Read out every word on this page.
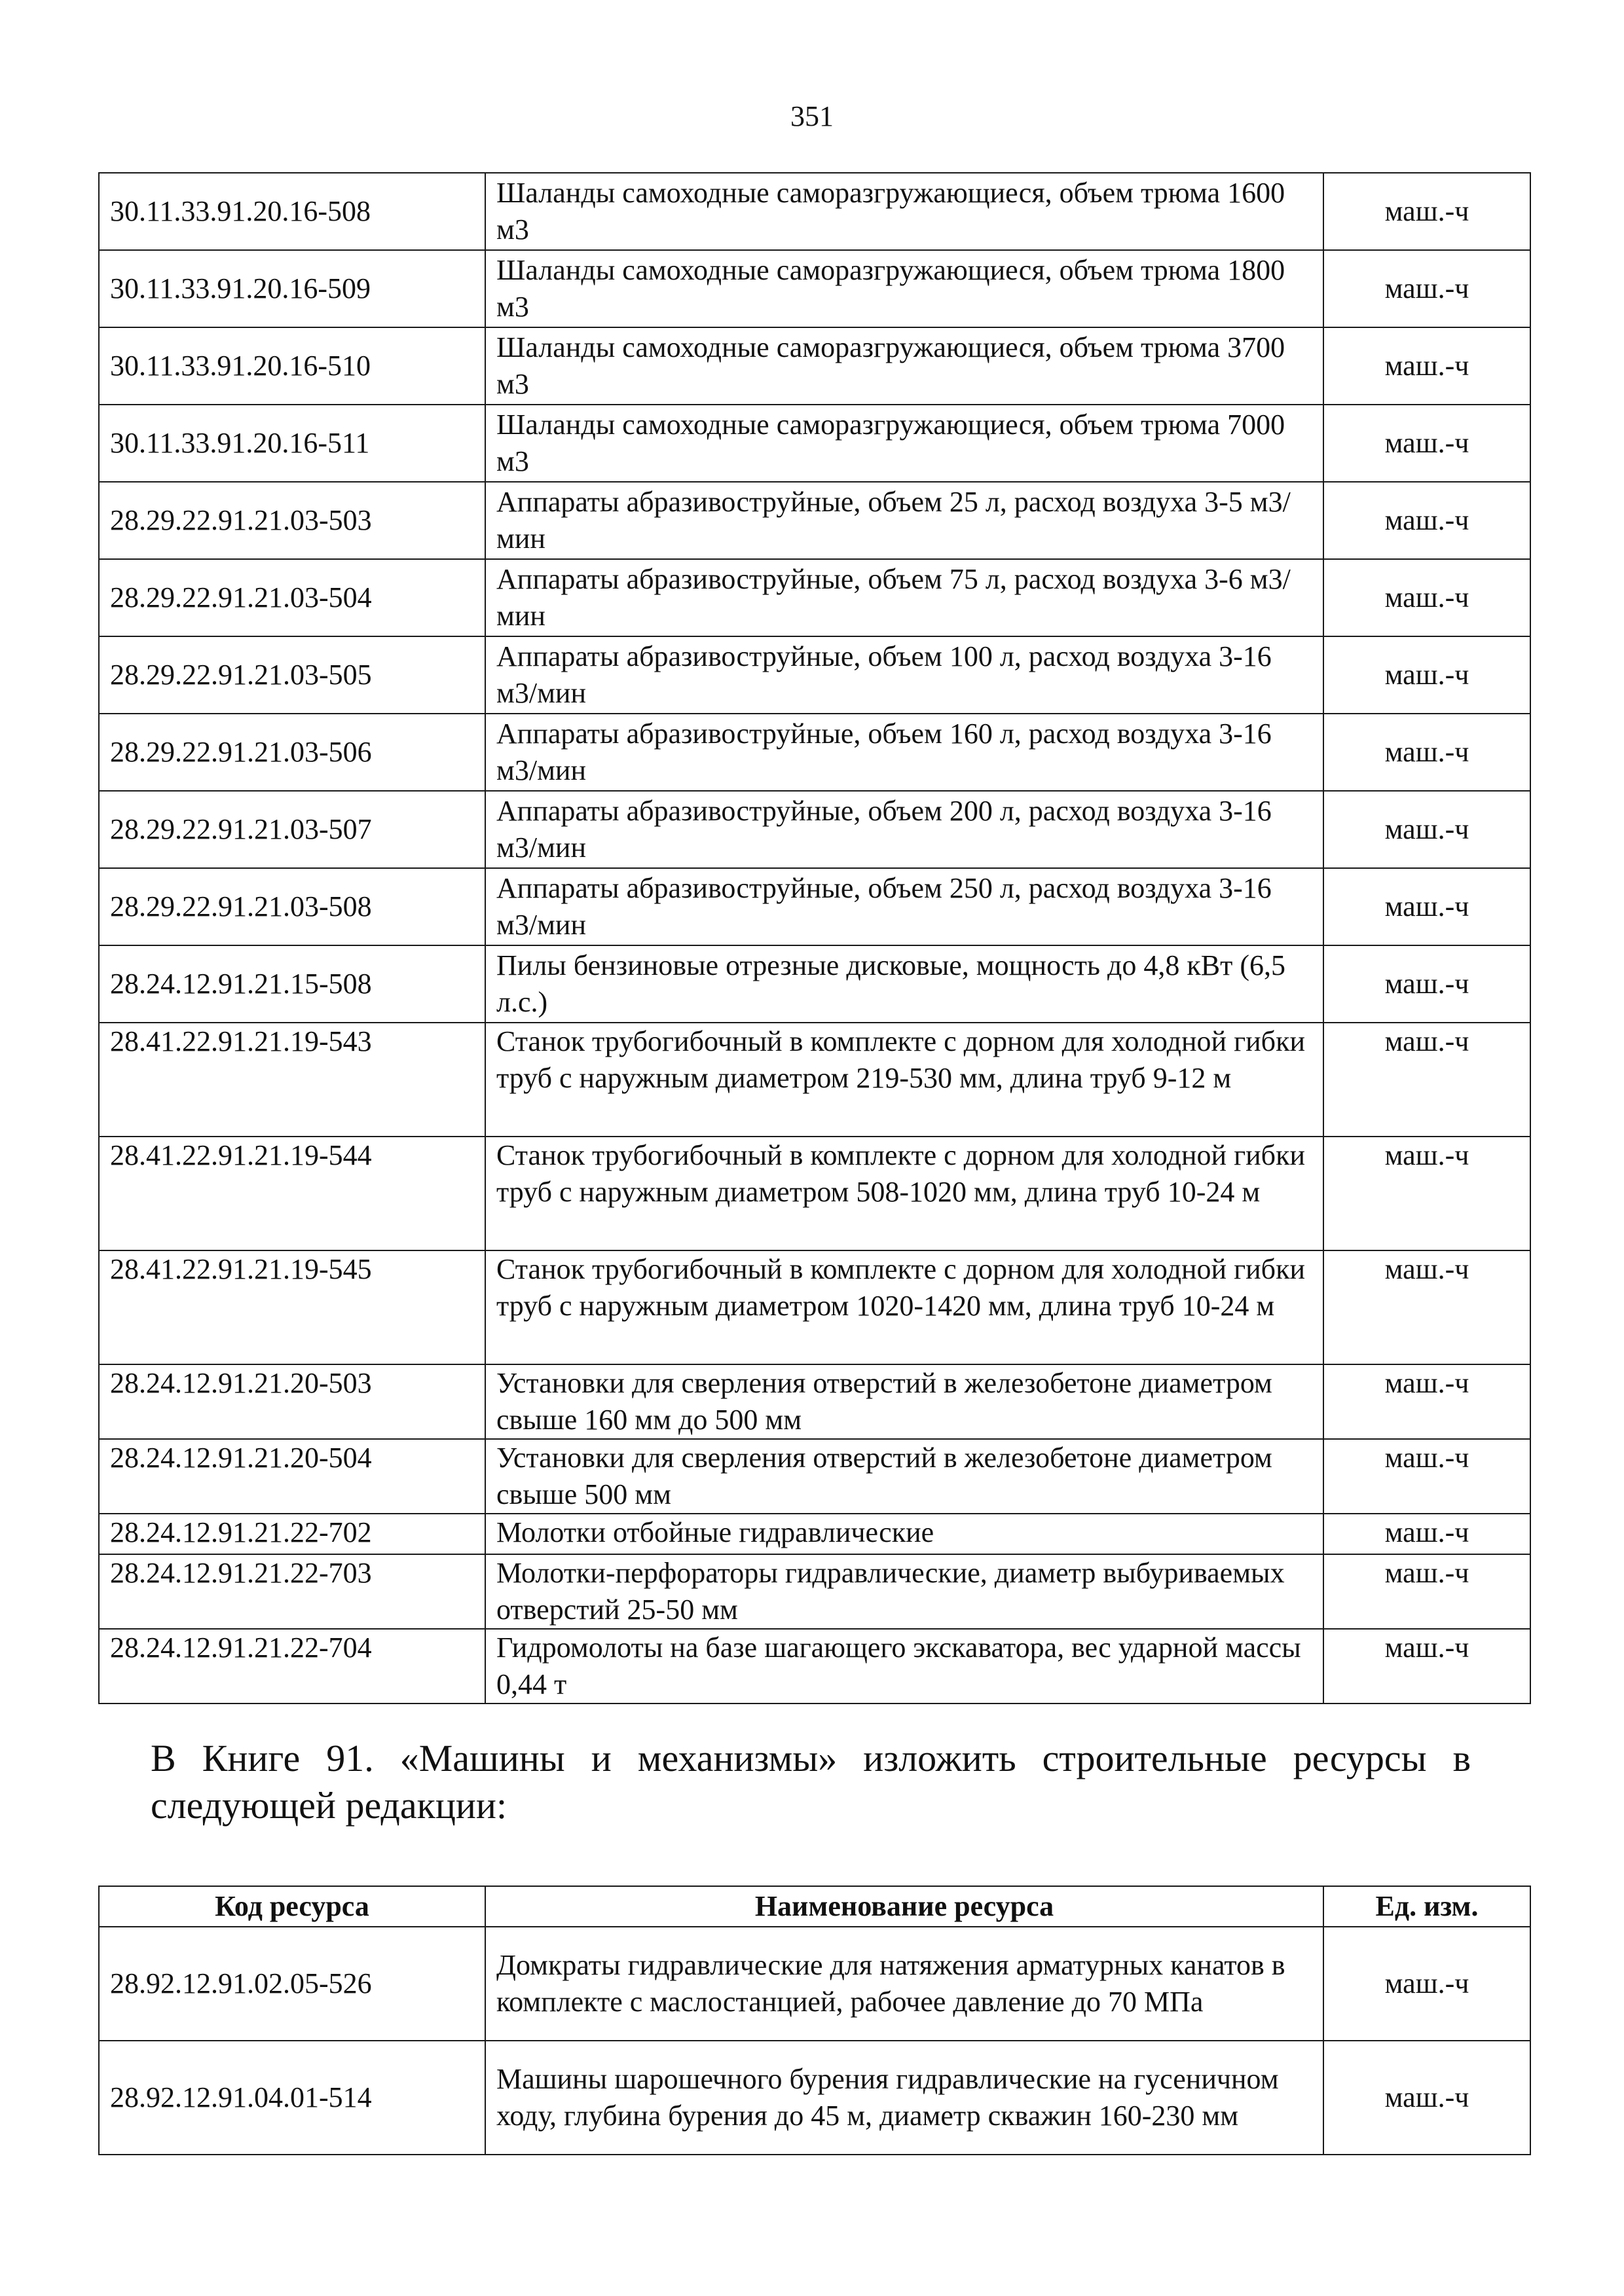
351
30.11.33.91.20.16-508	Шаланды самоходные саморазгружающиеся, объем трюма 1600 м3	маш.-ч
30.11.33.91.20.16-509	Шаланды самоходные саморазгружающиеся, объем трюма 1800 м3	маш.-ч
30.11.33.91.20.16-510	Шаланды самоходные саморазгружающиеся, объем трюма 3700 м3	маш.-ч
30.11.33.91.20.16-511	Шаланды самоходные саморазгружающиеся, объем трюма 7000 м3	маш.-ч
28.29.22.91.21.03-503	Аппараты абразивоструйные, объем 25 л, расход воздуха 3-5 м3/мин	маш.-ч
28.29.22.91.21.03-504	Аппараты абразивоструйные, объем 75 л, расход воздуха 3-6 м3/мин	маш.-ч
28.29.22.91.21.03-505	Аппараты абразивоструйные, объем 100 л, расход воздуха 3-16 м3/мин	маш.-ч
28.29.22.91.21.03-506	Аппараты абразивоструйные, объем 160 л, расход воздуха 3-16 м3/мин	маш.-ч
28.29.22.91.21.03-507	Аппараты абразивоструйные, объем 200 л, расход воздуха 3-16 м3/мин	маш.-ч
28.29.22.91.21.03-508	Аппараты абразивоструйные, объем 250 л, расход воздуха 3-16 м3/мин	маш.-ч
28.24.12.91.21.15-508	Пилы бензиновые отрезные дисковые, мощность до 4,8 кВт (6,5 л.с.)	маш.-ч
28.41.22.91.21.19-543	Станок трубогибочный в комплекте с дорном для холодной гибки труб с наружным диаметром 219-530 мм, длина труб 9-12 м	маш.-ч
28.41.22.91.21.19-544	Станок трубогибочный в комплекте с дорном для холодной гибки труб с наружным диаметром 508-1020 мм, длина труб 10-24 м	маш.-ч
28.41.22.91.21.19-545	Станок трубогибочный в комплекте с дорном для холодной гибки труб с наружным диаметром 1020-1420 мм, длина труб 10-24 м	маш.-ч
28.24.12.91.21.20-503	Установки для сверления отверстий в железобетоне диаметром свыше 160 мм до 500 мм	маш.-ч
28.24.12.91.21.20-504	Установки для сверления отверстий в железобетоне диаметром свыше 500 мм	маш.-ч
28.24.12.91.21.22-702	Молотки отбойные гидравлические	маш.-ч
28.24.12.91.21.22-703	Молотки-перфораторы гидравлические, диаметр выбуриваемых отверстий 25-50 мм	маш.-ч
28.24.12.91.21.22-704	Гидромолоты на базе шагающего экскаватора, вес ударной массы 0,44 т	маш.-ч

В Книге 91. «Машины и механизмы» изложить строительные ресурсы в следующей редакции:

Код ресурса	Наименование ресурса	Ед. изм.
28.92.12.91.02.05-526	Домкраты гидравлические для натяжения арматурных канатов в комплекте с маслостанцией, рабочее давление до 70 МПа	маш.-ч
28.92.12.91.04.01-514	Машины шарошечного бурения гидравлические на гусеничном ходу, глубина бурения до 45 м, диаметр скважин 160-230 мм	маш.-ч
